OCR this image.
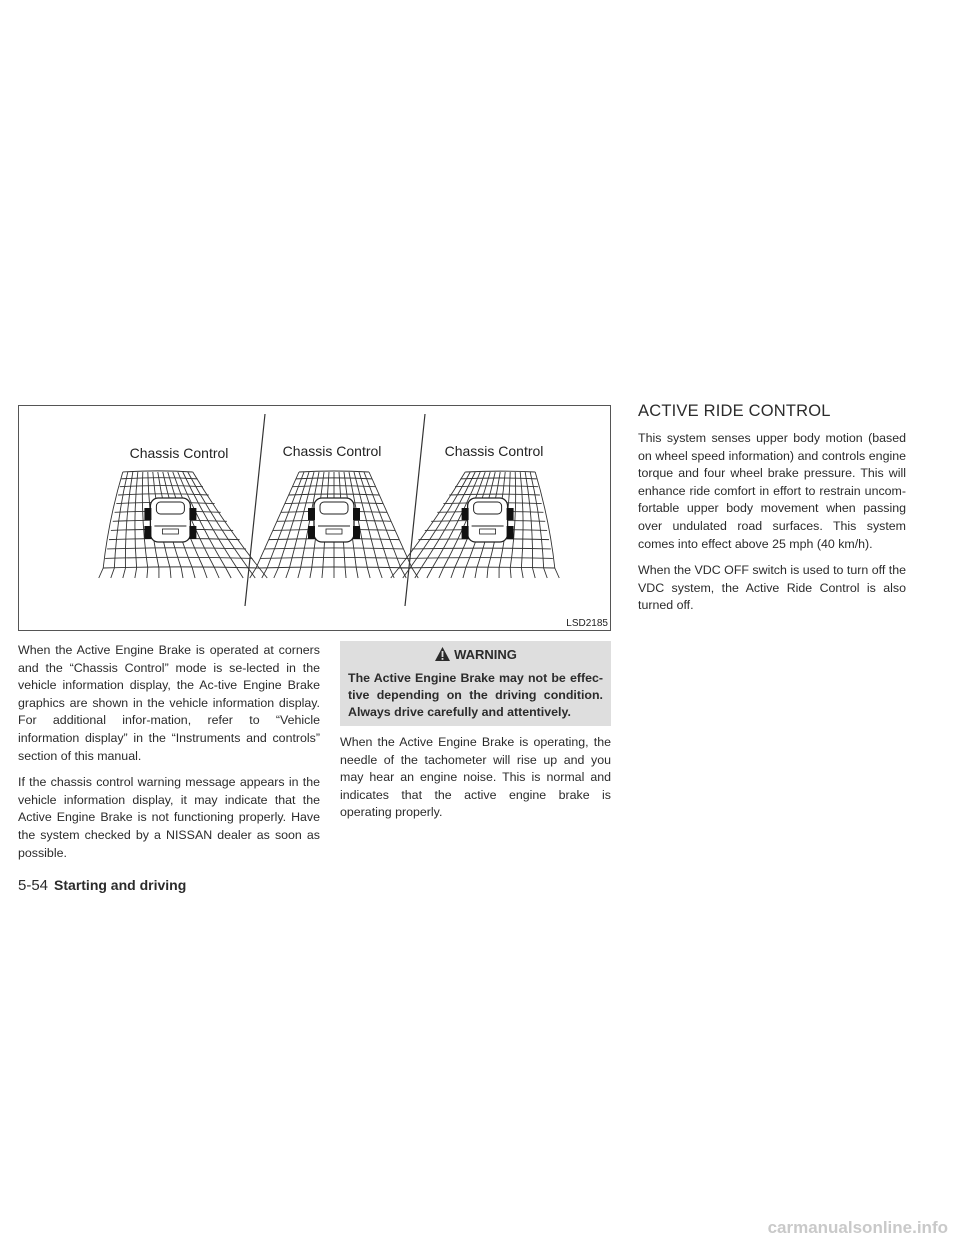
Chassis Control	Chassis Control	Chassis Control
LSD2185

When the Active Engine Brake is operated at corners and the “Chassis Control” mode is se-lected in the vehicle information display, the Ac-tive Engine Brake graphics are shown in the vehicle information display. For additional infor-mation, refer to “Vehicle information display” in the “Instruments and controls” section of this manual.

If the chassis control warning message appears in the vehicle information display, it may indicate that the Active Engine Brake is not functioning properly. Have the system checked by a NISSAN dealer as soon as possible.

WARNING
The Active Engine Brake may not be effec-tive depending on the driving condition. Always drive carefully and attentively.

When the Active Engine Brake is operating, the needle of the tachometer will rise up and you may hear an engine noise. This is normal and indicates that the active engine brake is operating properly.

ACTIVE RIDE CONTROL

This system senses upper body motion (based on wheel speed information) and controls engine torque and four wheel brake pressure. This will enhance ride comfort in effort to restrain uncom-fortable upper body movement when passing over undulated road surfaces. This system comes into effect above 25 mph (40 km/h).

When the VDC OFF switch is used to turn off the VDC system, the Active Ride Control is also turned off.

5-54 Starting and driving
carmanualsonline.info
